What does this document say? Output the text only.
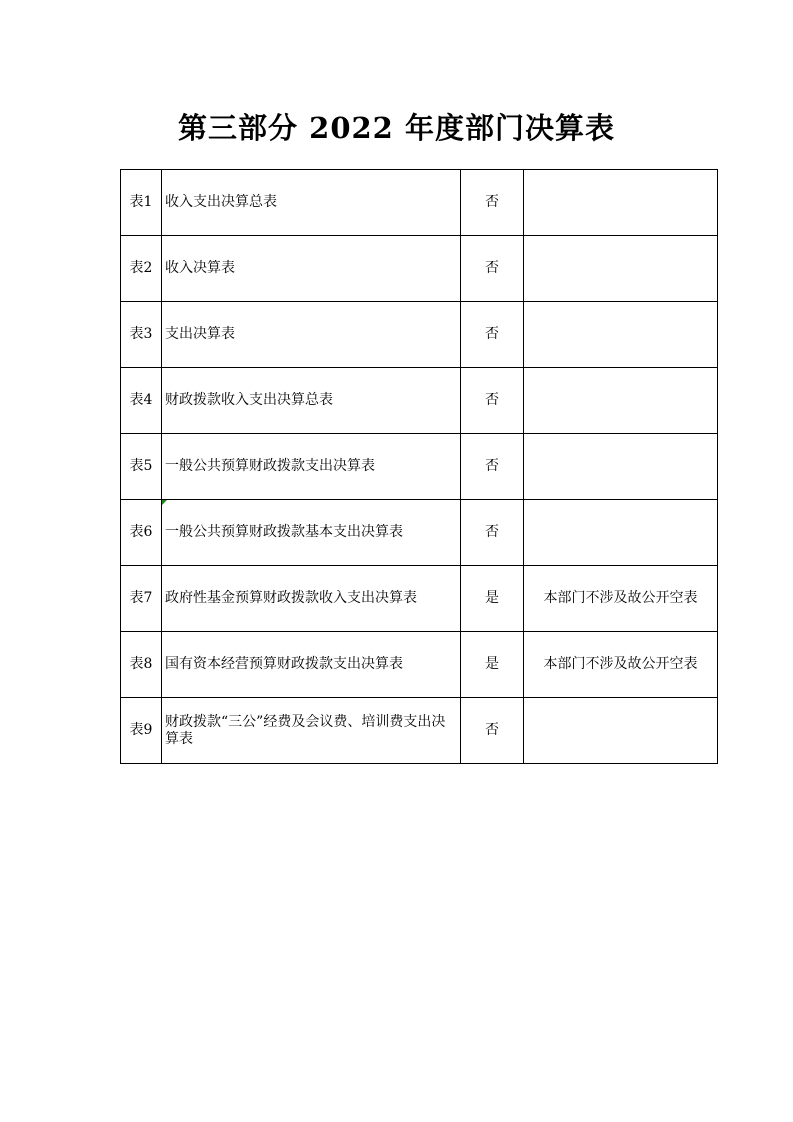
第三部分 2022 年度部门决算表
表1	收入支出决算总表	否	
表2	收入决算表	否	
表3	支出决算表	否	
表4	财政拨款收入支出决算总表	否	
表5	一般公共预算财政拨款支出决算表	否	
表6	一般公共预算财政拨款基本支出决算表	否	
表7	政府性基金预算财政拨款收入支出决算表	是	本部门不涉及故公开空表
表8	国有资本经营预算财政拨款支出决算表	是	本部门不涉及故公开空表
表9	财政拨款“三公”经费及会议费、培训费支出决算表	否	
